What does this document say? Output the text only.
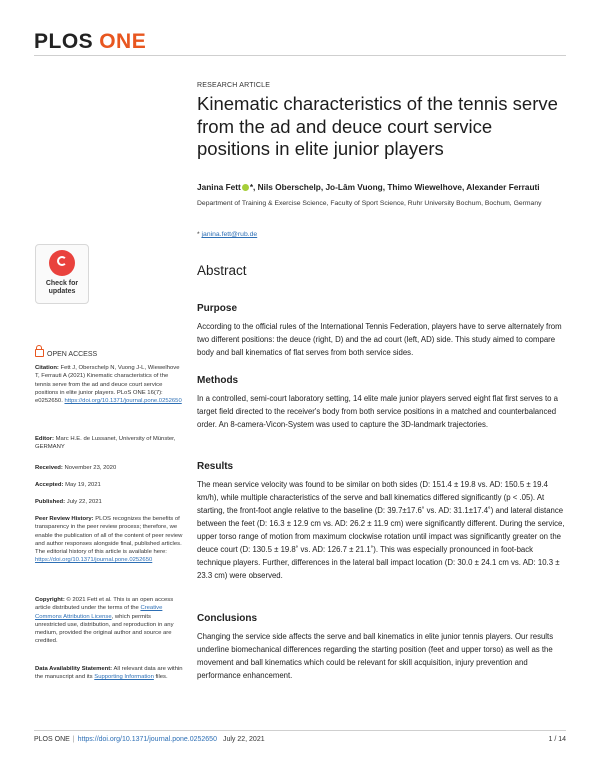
PLOS ONE
RESEARCH ARTICLE
Kinematic characteristics of the tennis serve from the ad and deuce court service positions in elite junior players
Janina Fett *, Nils Oberschelp, Jo-Lâm Vuong, Thimo Wiewelhove, Alexander Ferrauti
Department of Training & Exercise Science, Faculty of Sport Science, Ruhr University Bochum, Bochum, Germany
* janina.fett@rub.de
Check for
updates
OPEN ACCESS
Citation: Fett J, Oberschelp N, Vuong J-L, Wiewelhove T, Ferrauti A (2021) Kinematic characteristics of the tennis serve from the ad and deuce court service positions in elite junior players. PLoS ONE 16(7): e0252650. https://doi.org/10.1371/journal.pone.0252650
Editor: Marc H.E. de Lussanet, University of Münster, GERMANY
Received: November 23, 2020
Accepted: May 19, 2021
Published: July 22, 2021
Peer Review History: PLOS recognizes the benefits of transparency in the peer review process; therefore, we enable the publication of all of the content of peer review and author responses alongside final, published articles. The editorial history of this article is available here: https://doi.org/10.1371/journal.pone.0252650
Copyright: © 2021 Fett et al. This is an open access article distributed under the terms of the Creative Commons Attribution License, which permits unrestricted use, distribution, and reproduction in any medium, provided the original author and source are credited.
Data Availability Statement: All relevant data are within the manuscript and its Supporting Information files.
Abstract
Purpose
According to the official rules of the International Tennis Federation, players have to serve alternately from two different positions: the deuce (right, D) and the ad court (left, AD) side. This study aimed to compare body and ball kinematics of flat serves from both service sides.
Methods
In a controlled, semi-court laboratory setting, 14 elite male junior players served eight flat first serves to a target field directed to the receiver's body from both service positions in a matched and counterbalanced order. An 8-camera-Vicon-System was used to capture the 3D-landmark trajectories.
Results
The mean service velocity was found to be similar on both sides (D: 151.4 ± 19.8 vs. AD: 150.5 ± 19.4 km/h), while multiple characteristics of the serve and ball kinematics differed significantly (p < .05). At starting, the front-foot angle relative to the baseline (D: 39.7±17.6˚ vs. AD: 31.1±17.4˚) and lateral distance between the feet (D: 16.3 ± 12.9 cm vs. AD: 26.2 ± 11.9 cm) were significantly different. During the service, upper torso range of motion from maximum clockwise rotation until impact was significantly greater on the deuce court (D: 130.5 ± 19.8˚ vs. AD: 126.7 ± 21.1˚). This was especially pronounced in foot-back technique players. Further, differences in the lateral ball impact location (D: 30.0 ± 24.1 cm vs. AD: 10.3 ± 23.3 cm) were observed.
Conclusions
Changing the service side affects the serve and ball kinematics in elite junior tennis players. Our results underline biomechanical differences regarding the starting position (feet and upper torso) as well as the movement and ball kinematics which could be relevant for skill acquisition, injury prevention and performance enhancement.
PLOS ONE | https://doi.org/10.1371/journal.pone.0252650 July 22, 2021	1 / 14
